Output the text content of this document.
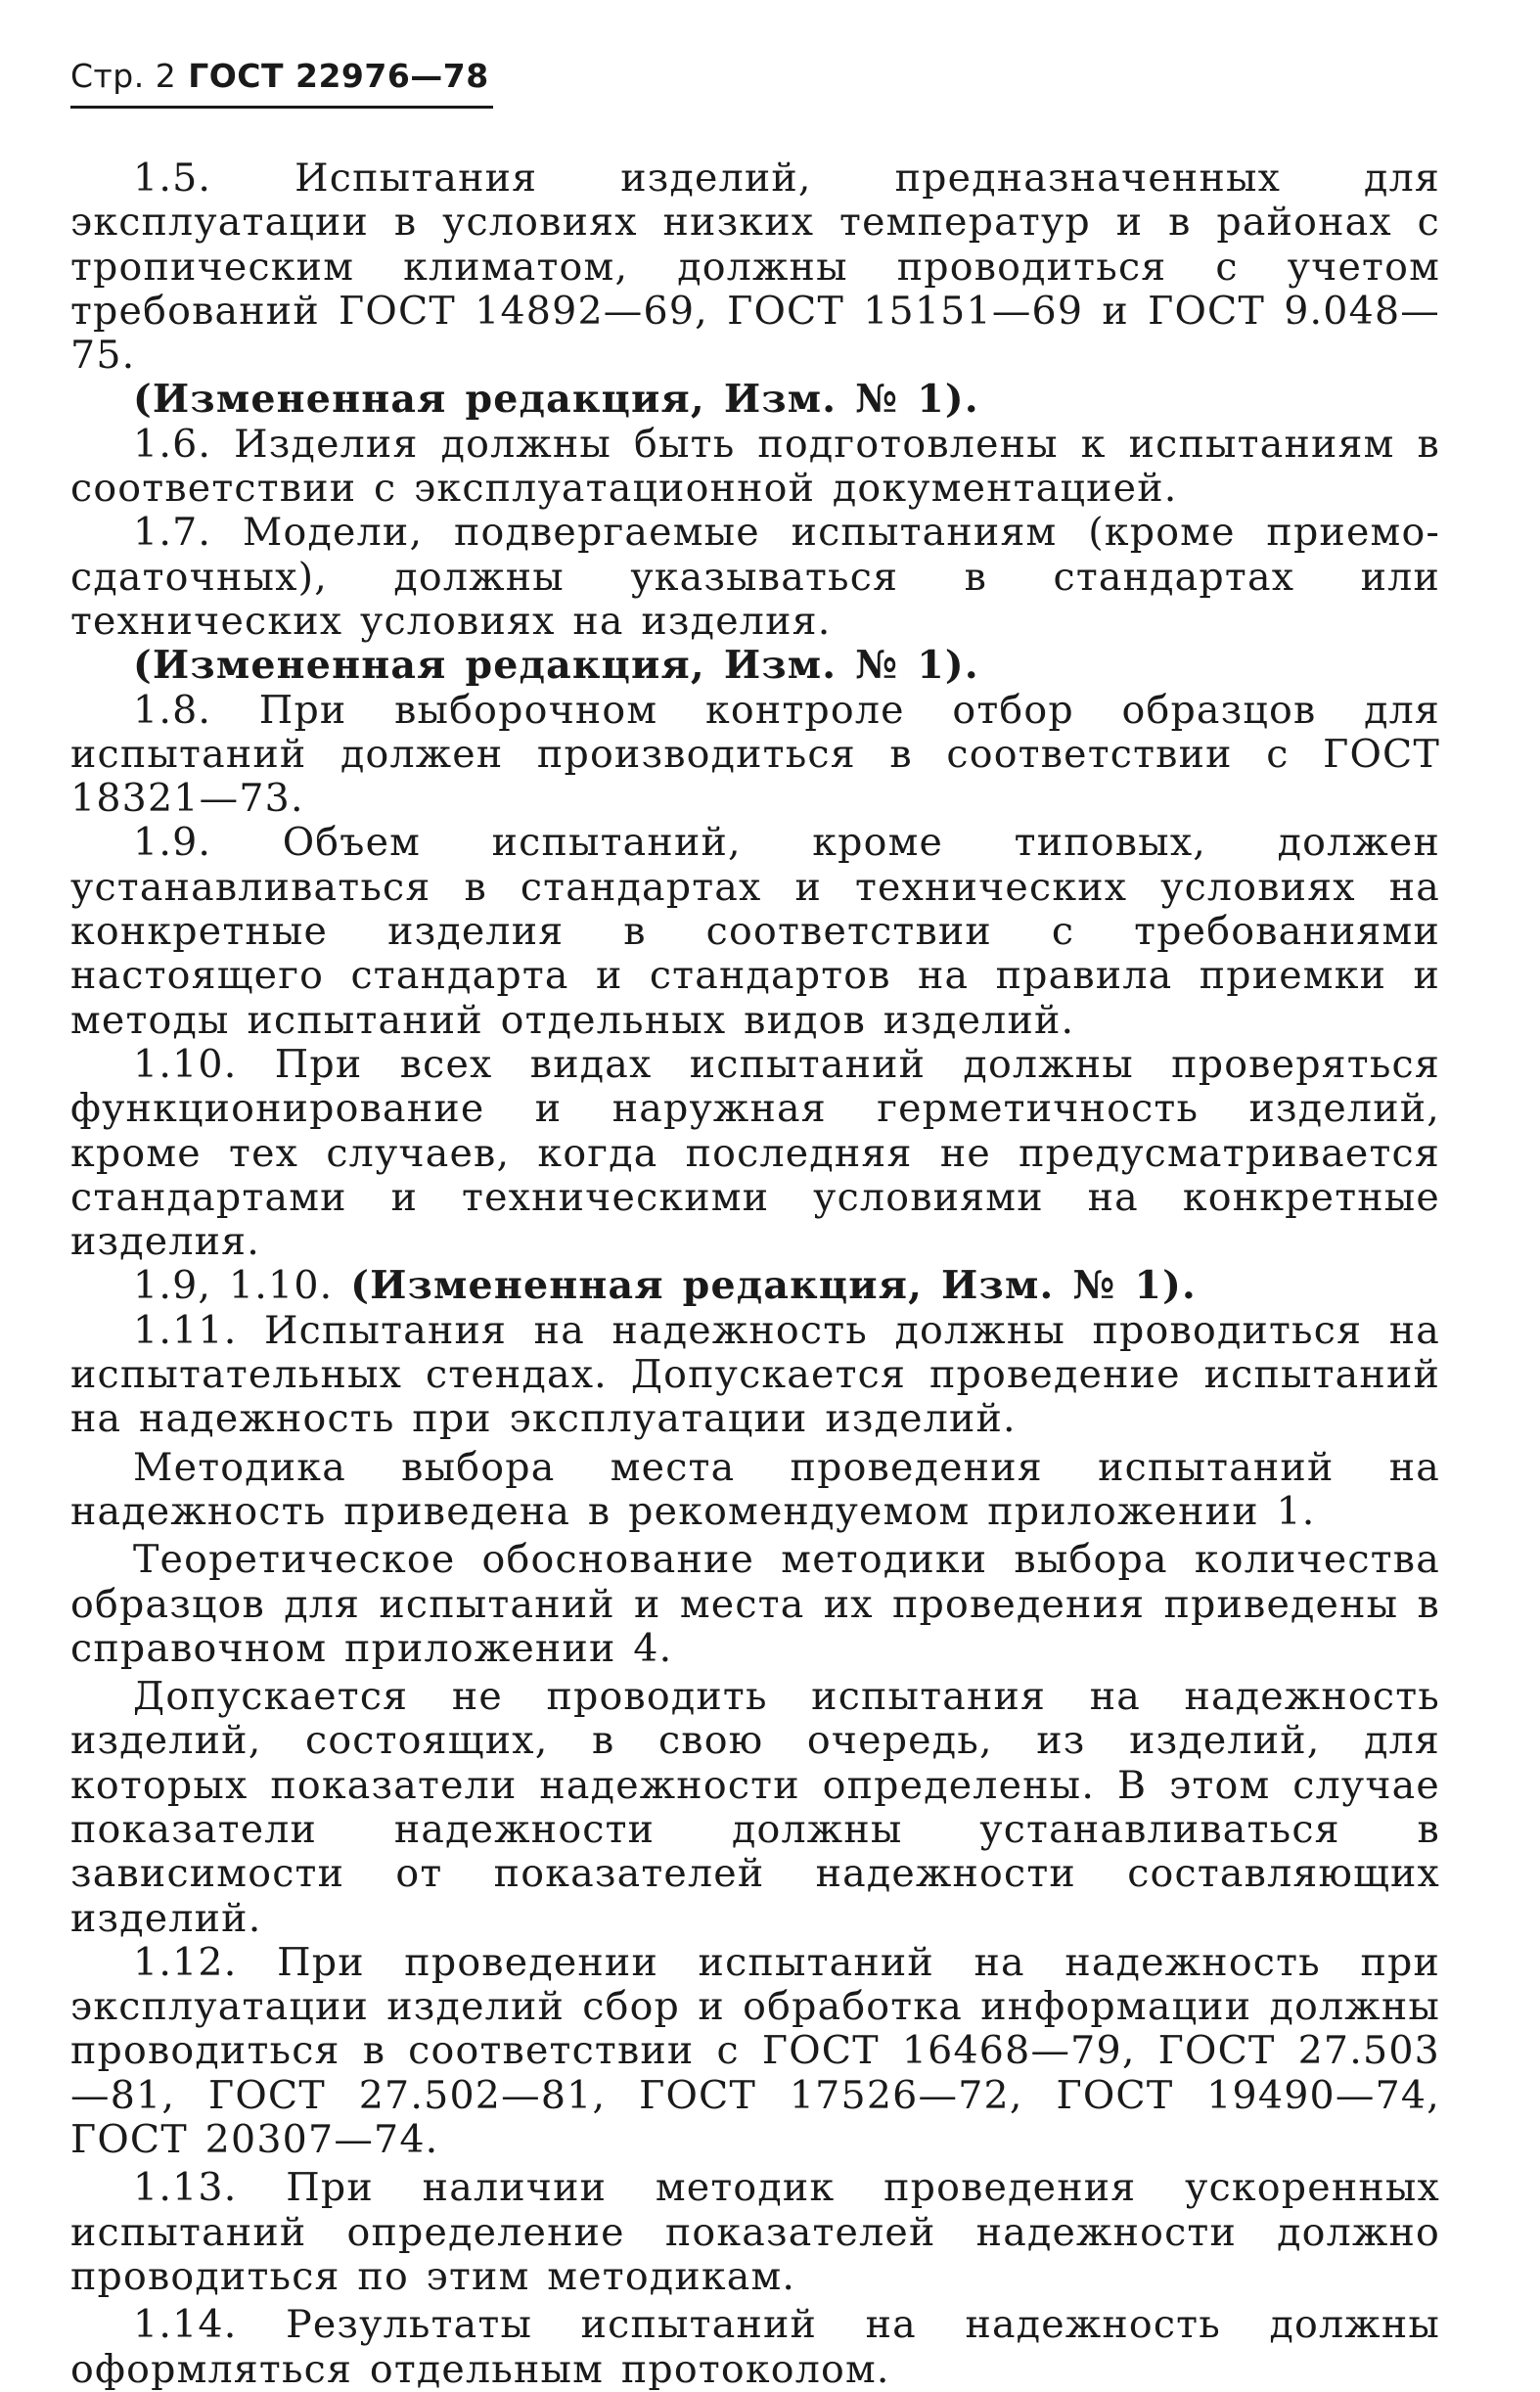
Стр. 2 ГОСТ 22976—78

1.5. Испытания изделий, предназначенных для эксплуатации в условиях низких температур и в районах с тропическим климатом, должны проводиться с учетом требований ГОСТ 14892—69, ГОСТ 15151—69 и ГОСТ 9.048—75.

(Измененная редакция, Изм. № 1).

1.6. Изделия должны быть подготовлены к испытаниям в соответствии с эксплуатационной документацией.

1.7. Модели, подвергаемые испытаниям (кроме приемо-сдаточных), должны указываться в стандартах или технических условиях на изделия.

(Измененная редакция, Изм. № 1).

1.8. При выборочном контроле отбор образцов для испытаний должен производиться в соответствии с ГОСТ 18321—73.

1.9. Объем испытаний, кроме типовых, должен устанавливаться в стандартах и технических условиях на конкретные изделия в соответствии с требованиями настоящего стандарта и стандартов на правила приемки и методы испытаний отдельных видов изделий.

1.10. При всех видах испытаний должны проверяться функционирование и наружная герметичность изделий, кроме тех случаев, когда последняя не предусматривается стандартами и техническими условиями на конкретные изделия.

1.9, 1.10. (Измененная редакция, Изм. № 1).

1.11. Испытания на надежность должны проводиться на испытательных стендах. Допускается проведение испытаний на надежность при эксплуатации изделий.

Методика выбора места проведения испытаний на надежность приведена в рекомендуемом приложении 1.

Теоретическое обоснование методики выбора количества образцов для испытаний и места их проведения приведены в справочном приложении 4.

Допускается не проводить испытания на надежность изделий, состоящих, в свою очередь, из изделий, для которых показатели надежности определены. В этом случае показатели надежности должны устанавливаться в зависимости от показателей надежности составляющих изделий.

1.12. При проведении испытаний на надежность при эксплуатации изделий сбор и обработка информации должны проводиться в соответствии с ГОСТ 16468—79, ГОСТ 27.503—81, ГОСТ 27.502—81, ГОСТ 17526—72, ГОСТ 19490—74, ГОСТ 20307—74.

1.13. При наличии методик проведения ускоренных испытаний определение показателей надежности должно проводиться по этим методикам.

1.14. Результаты испытаний на надежность должны оформляться отдельным протоколом.
